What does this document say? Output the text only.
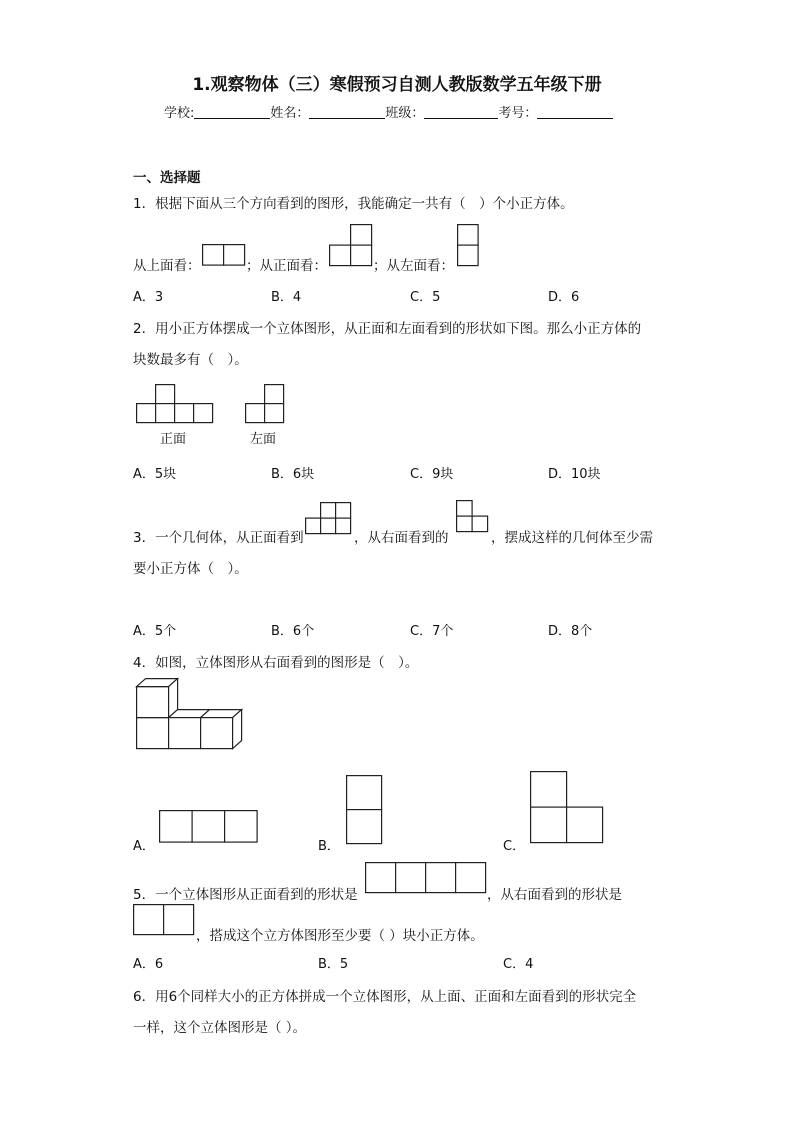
1.观察物体（三）寒假预习自测人教版数学五年级下册
学校:	姓名：	班级：	考号：
一、选择题
1．根据下面从三个方向看到的图形，我能确定一共有（　）个小正方体。
从上面看：	；从正面看：	；从左面看：
A．3	B．4	C．5	D．6
2．用小正方体摆成一个立体图形，从正面和左面看到的形状如下图。那么小正方体的
块数最多有（　）。
正面	左面
A．5块	B．6块	C．9块	D．10块
3．一个几何体，从正面看到	，从右面看到的	，摆成这样的几何体至少需
要小正方体（　）。
A．5个	B．6个	C．7个	D．8个
4．如图，立体图形从右面看到的图形是（　）。
A．	B．	C．
5．一个立体图形从正面看到的形状是	，从右面看到的形状是
，搭成这个立方体图形至少要（ ）块小正方体。
A．6	B．5	C．4
6．用6个同样大小的正方体拼成一个立体图形，从上面、正面和左面看到的形状完全
一样，这个立体图形是（ ）。
